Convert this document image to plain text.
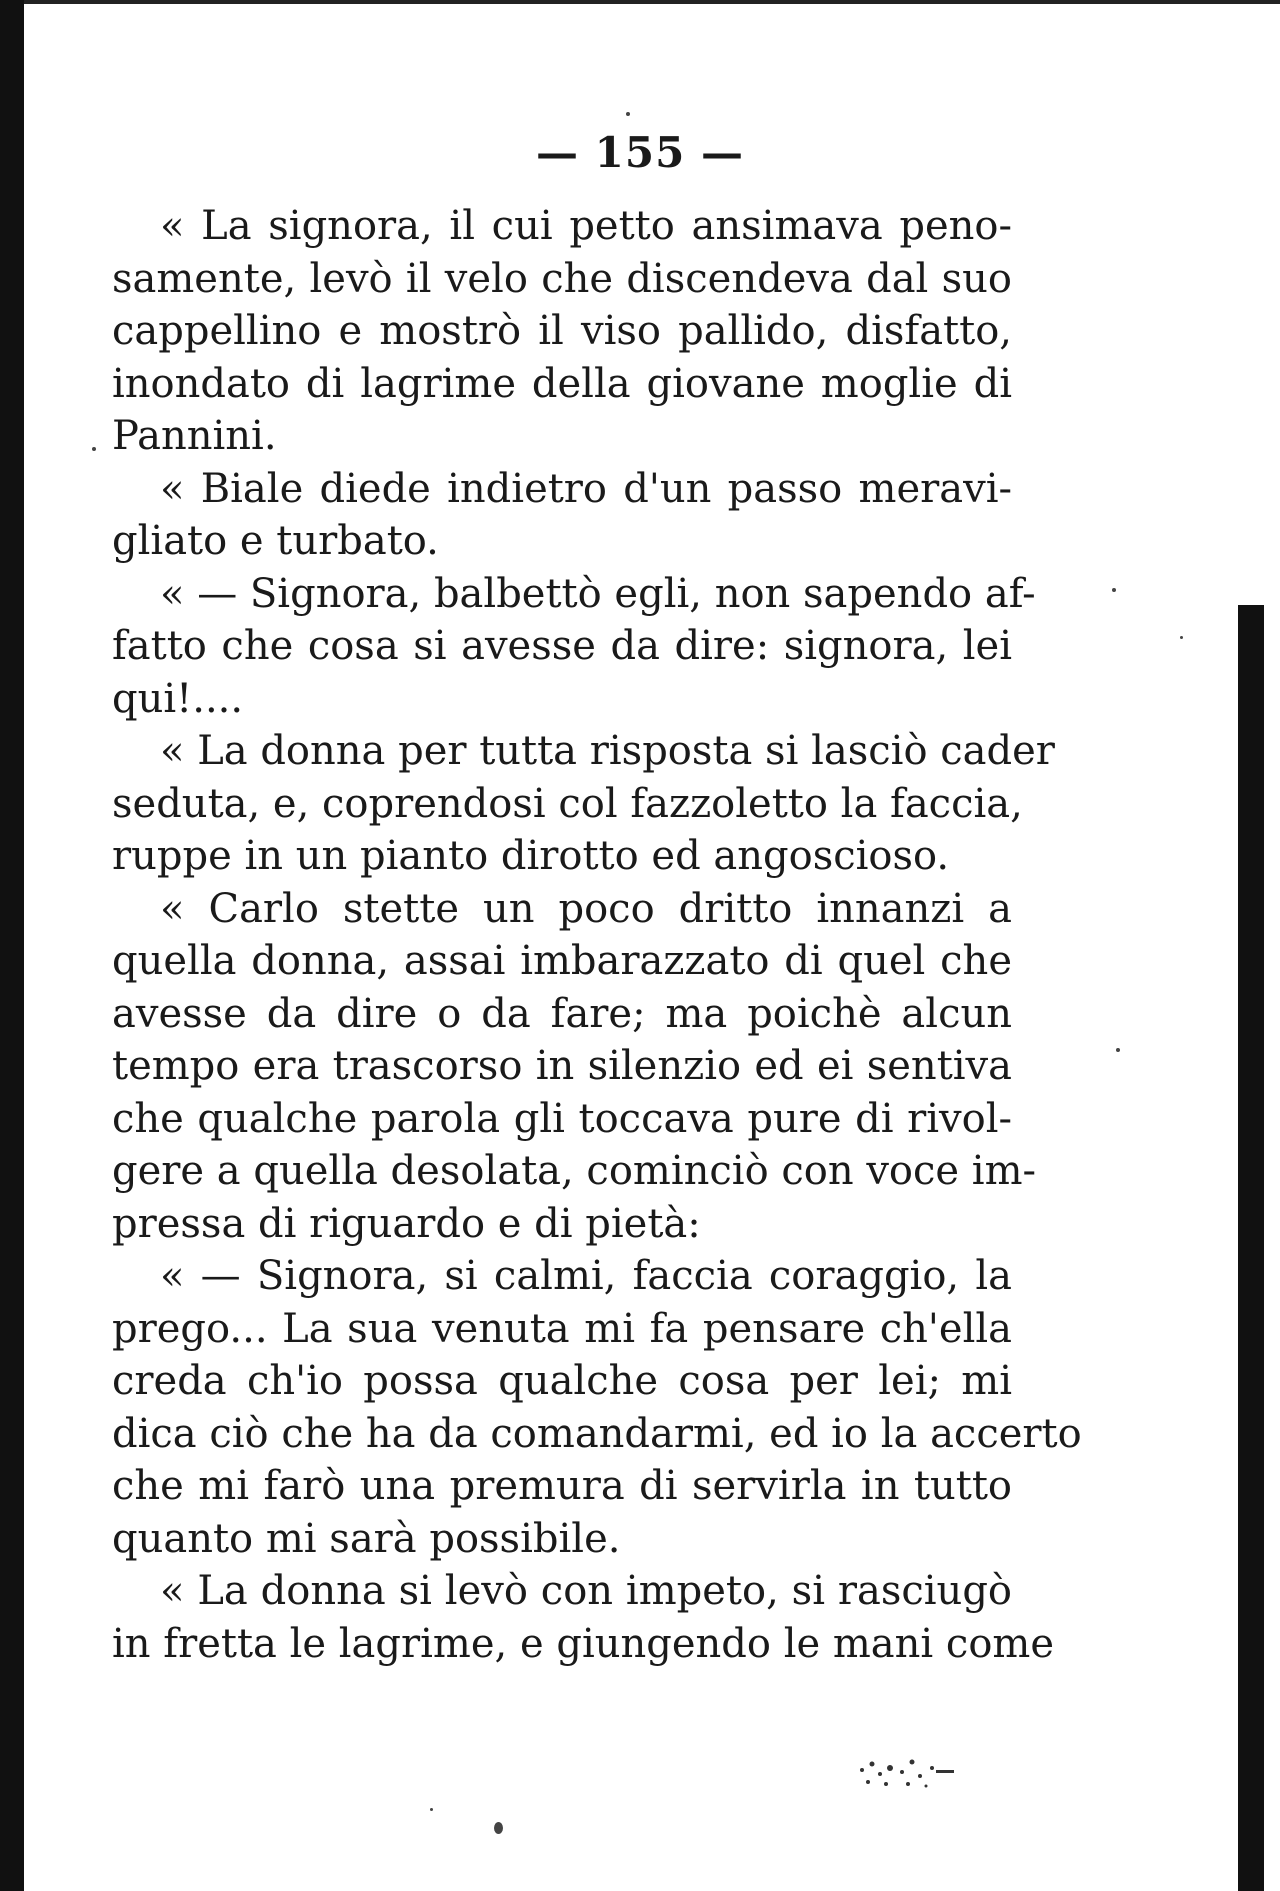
— 155 —

« La signora, il cui petto ansimava peno-
samente, levò il velo che discendeva dal suo
cappellino e mostrò il viso pallido, disfatto,
inondato di lagrime della giovane moglie di
Pannini.

« Biale diede indietro d'un passo meravi-
gliato e turbato.

« — Signora, balbettò egli, non sapendo af-
fatto che cosa si avesse da dire: signora, lei
qui!....

« La donna per tutta risposta si lasciò cader
seduta, e, coprendosi col fazzoletto la faccia,
ruppe in un pianto dirotto ed angoscioso.

« Carlo stette un poco dritto innanzi a
quella donna, assai imbarazzato di quel che
avesse da dire o da fare; ma poichè alcun
tempo era trascorso in silenzio ed ei sentiva
che qualche parola gli toccava pure di rivol-
gere a quella desolata, cominciò con voce im-
pressa di riguardo e di pietà:

« — Signora, si calmi, faccia coraggio, la
prego... La sua venuta mi fa pensare ch'ella
creda ch'io possa qualche cosa per lei; mi
dica ciò che ha da comandarmi, ed io la accerto
che mi farò una premura di servirla in tutto
quanto mi sarà possibile.

« La donna si levò con impeto, si rasciugò
in fretta le lagrime, e giungendo le mani come
